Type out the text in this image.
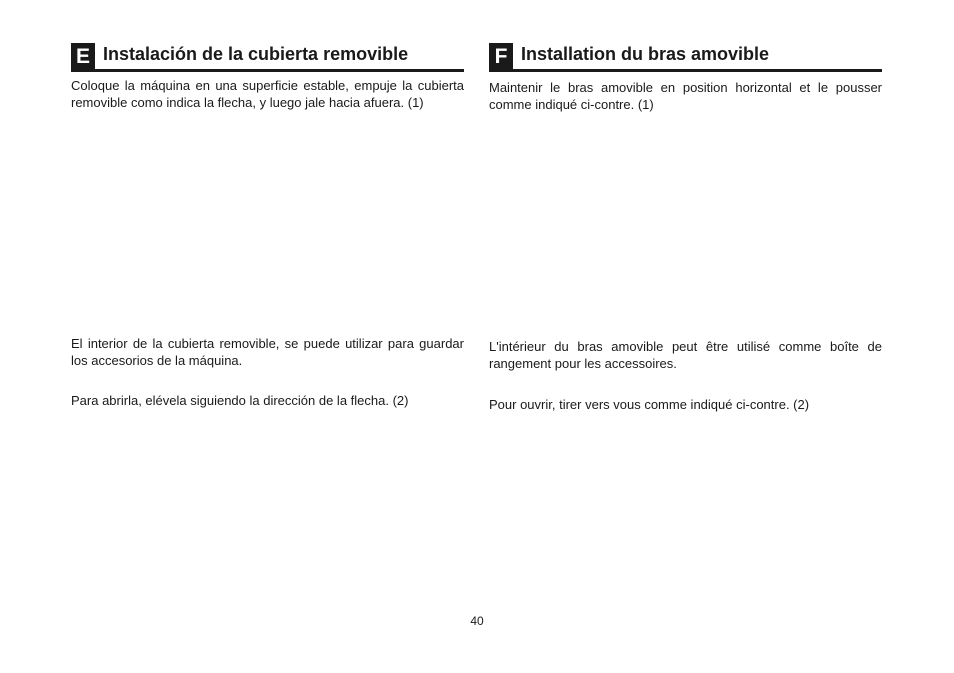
E Instalación de la cubierta removible

Coloque la máquina en una superficie estable, empuje la cubierta removible como indica la flecha, y luego jale hacia afuera. (1)

El interior de la cubierta removible, se puede utilizar para guardar los accesorios de la máquina.

Para abrirla, elévela siguiendo la dirección de la flecha. (2)

F Installation du bras amovible

Maintenir le bras amovible en position horizontal et le pousser comme indiqué ci-contre. (1)

L'intérieur du bras amovible peut être utilisé comme boîte de rangement pour les accessoires.

Pour ouvrir, tirer vers vous comme indiqué ci-contre. (2)

40
